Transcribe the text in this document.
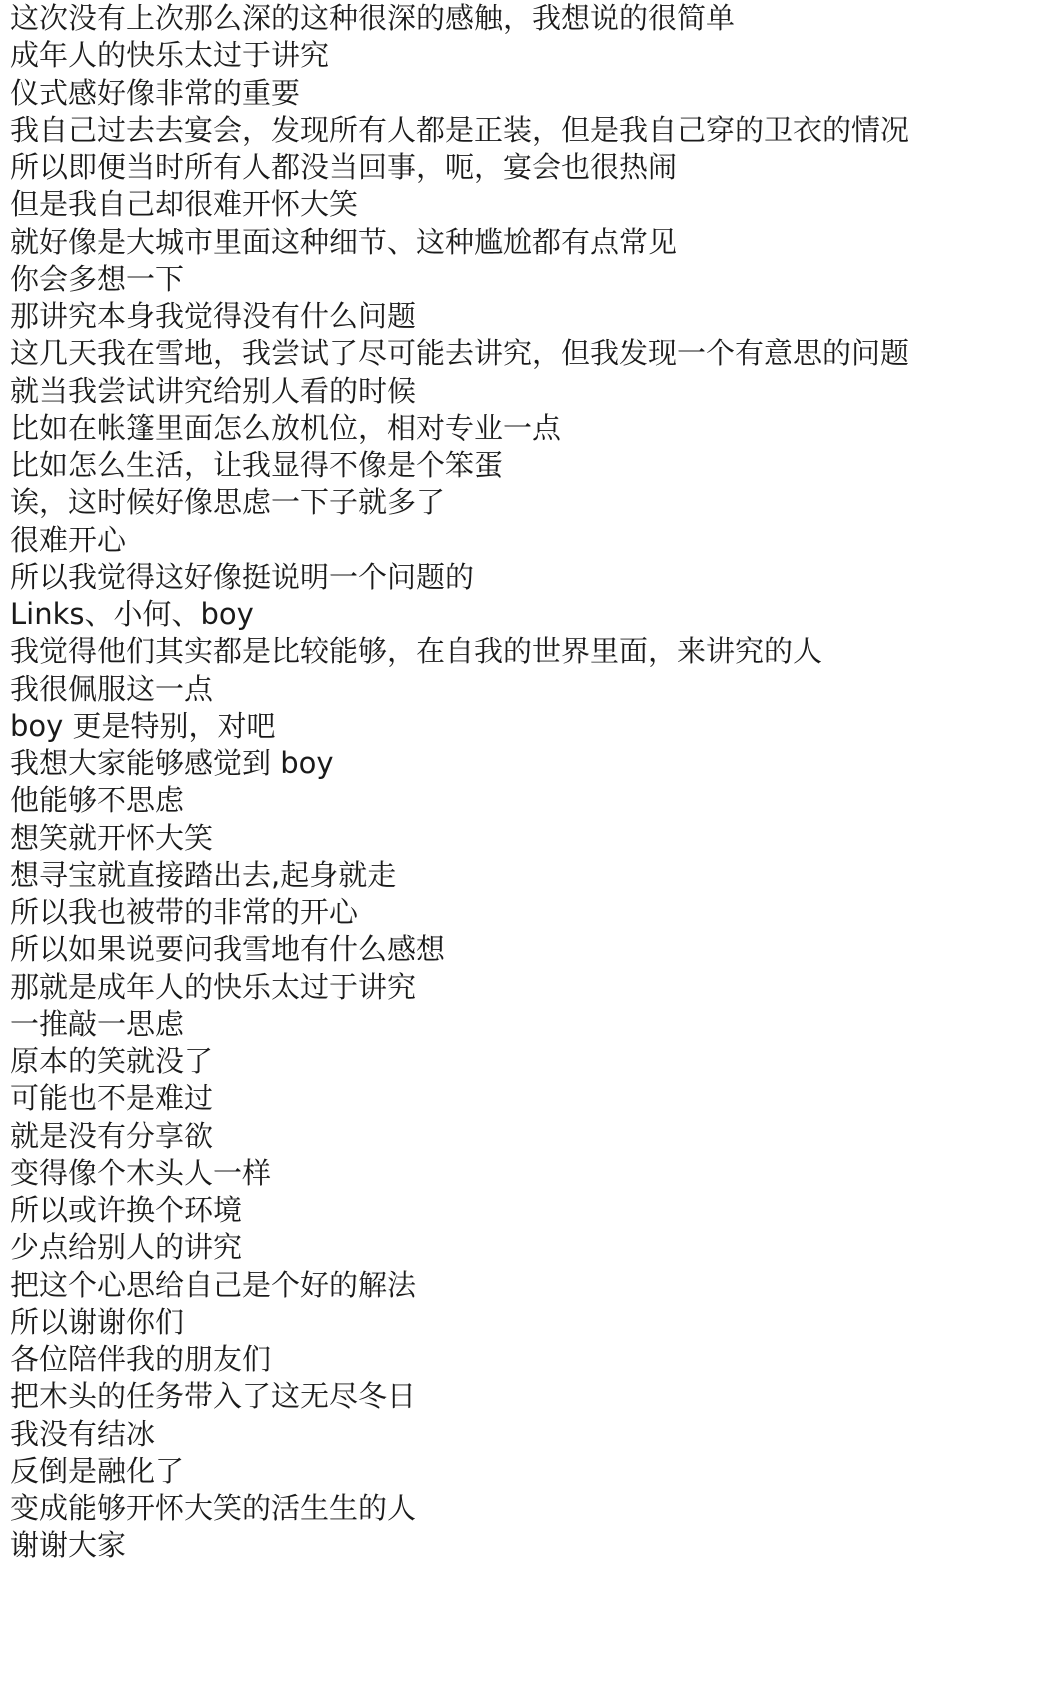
这次没有上次那么深的这种很深的感触，我想说的很简单
成年人的快乐太过于讲究
仪式感好像非常的重要
我自己过去去宴会，发现所有人都是正装，但是我自己穿的卫衣的情况
所以即便当时所有人都没当回事，呃，宴会也很热闹
但是我自己却很难开怀大笑
就好像是大城市里面这种细节、这种尴尬都有点常见
你会多想一下
那讲究本身我觉得没有什么问题
这几天我在雪地，我尝试了尽可能去讲究，但我发现一个有意思的问题
就当我尝试讲究给别人看的时候
比如在帐篷里面怎么放机位，相对专业一点
比如怎么生活，让我显得不像是个笨蛋
诶，这时候好像思虑一下子就多了
很难开心
所以我觉得这好像挺说明一个问题的
Links、小何、boy
我觉得他们其实都是比较能够，在自我的世界里面，来讲究的人
我很佩服这一点
boy 更是特别，对吧
我想大家能够感觉到 boy
他能够不思虑
想笑就开怀大笑
想寻宝就直接踏出去,起身就走
所以我也被带的非常的开心
所以如果说要问我雪地有什么感想
那就是成年人的快乐太过于讲究
一推敲一思虑
原本的笑就没了
可能也不是难过
就是没有分享欲
变得像个木头人一样
所以或许换个环境
少点给别人的讲究
把这个心思给自己是个好的解法
所以谢谢你们
各位陪伴我的朋友们
把木头的任务带入了这无尽冬日
我没有结冰
反倒是融化了
变成能够开怀大笑的活生生的人
谢谢大家
